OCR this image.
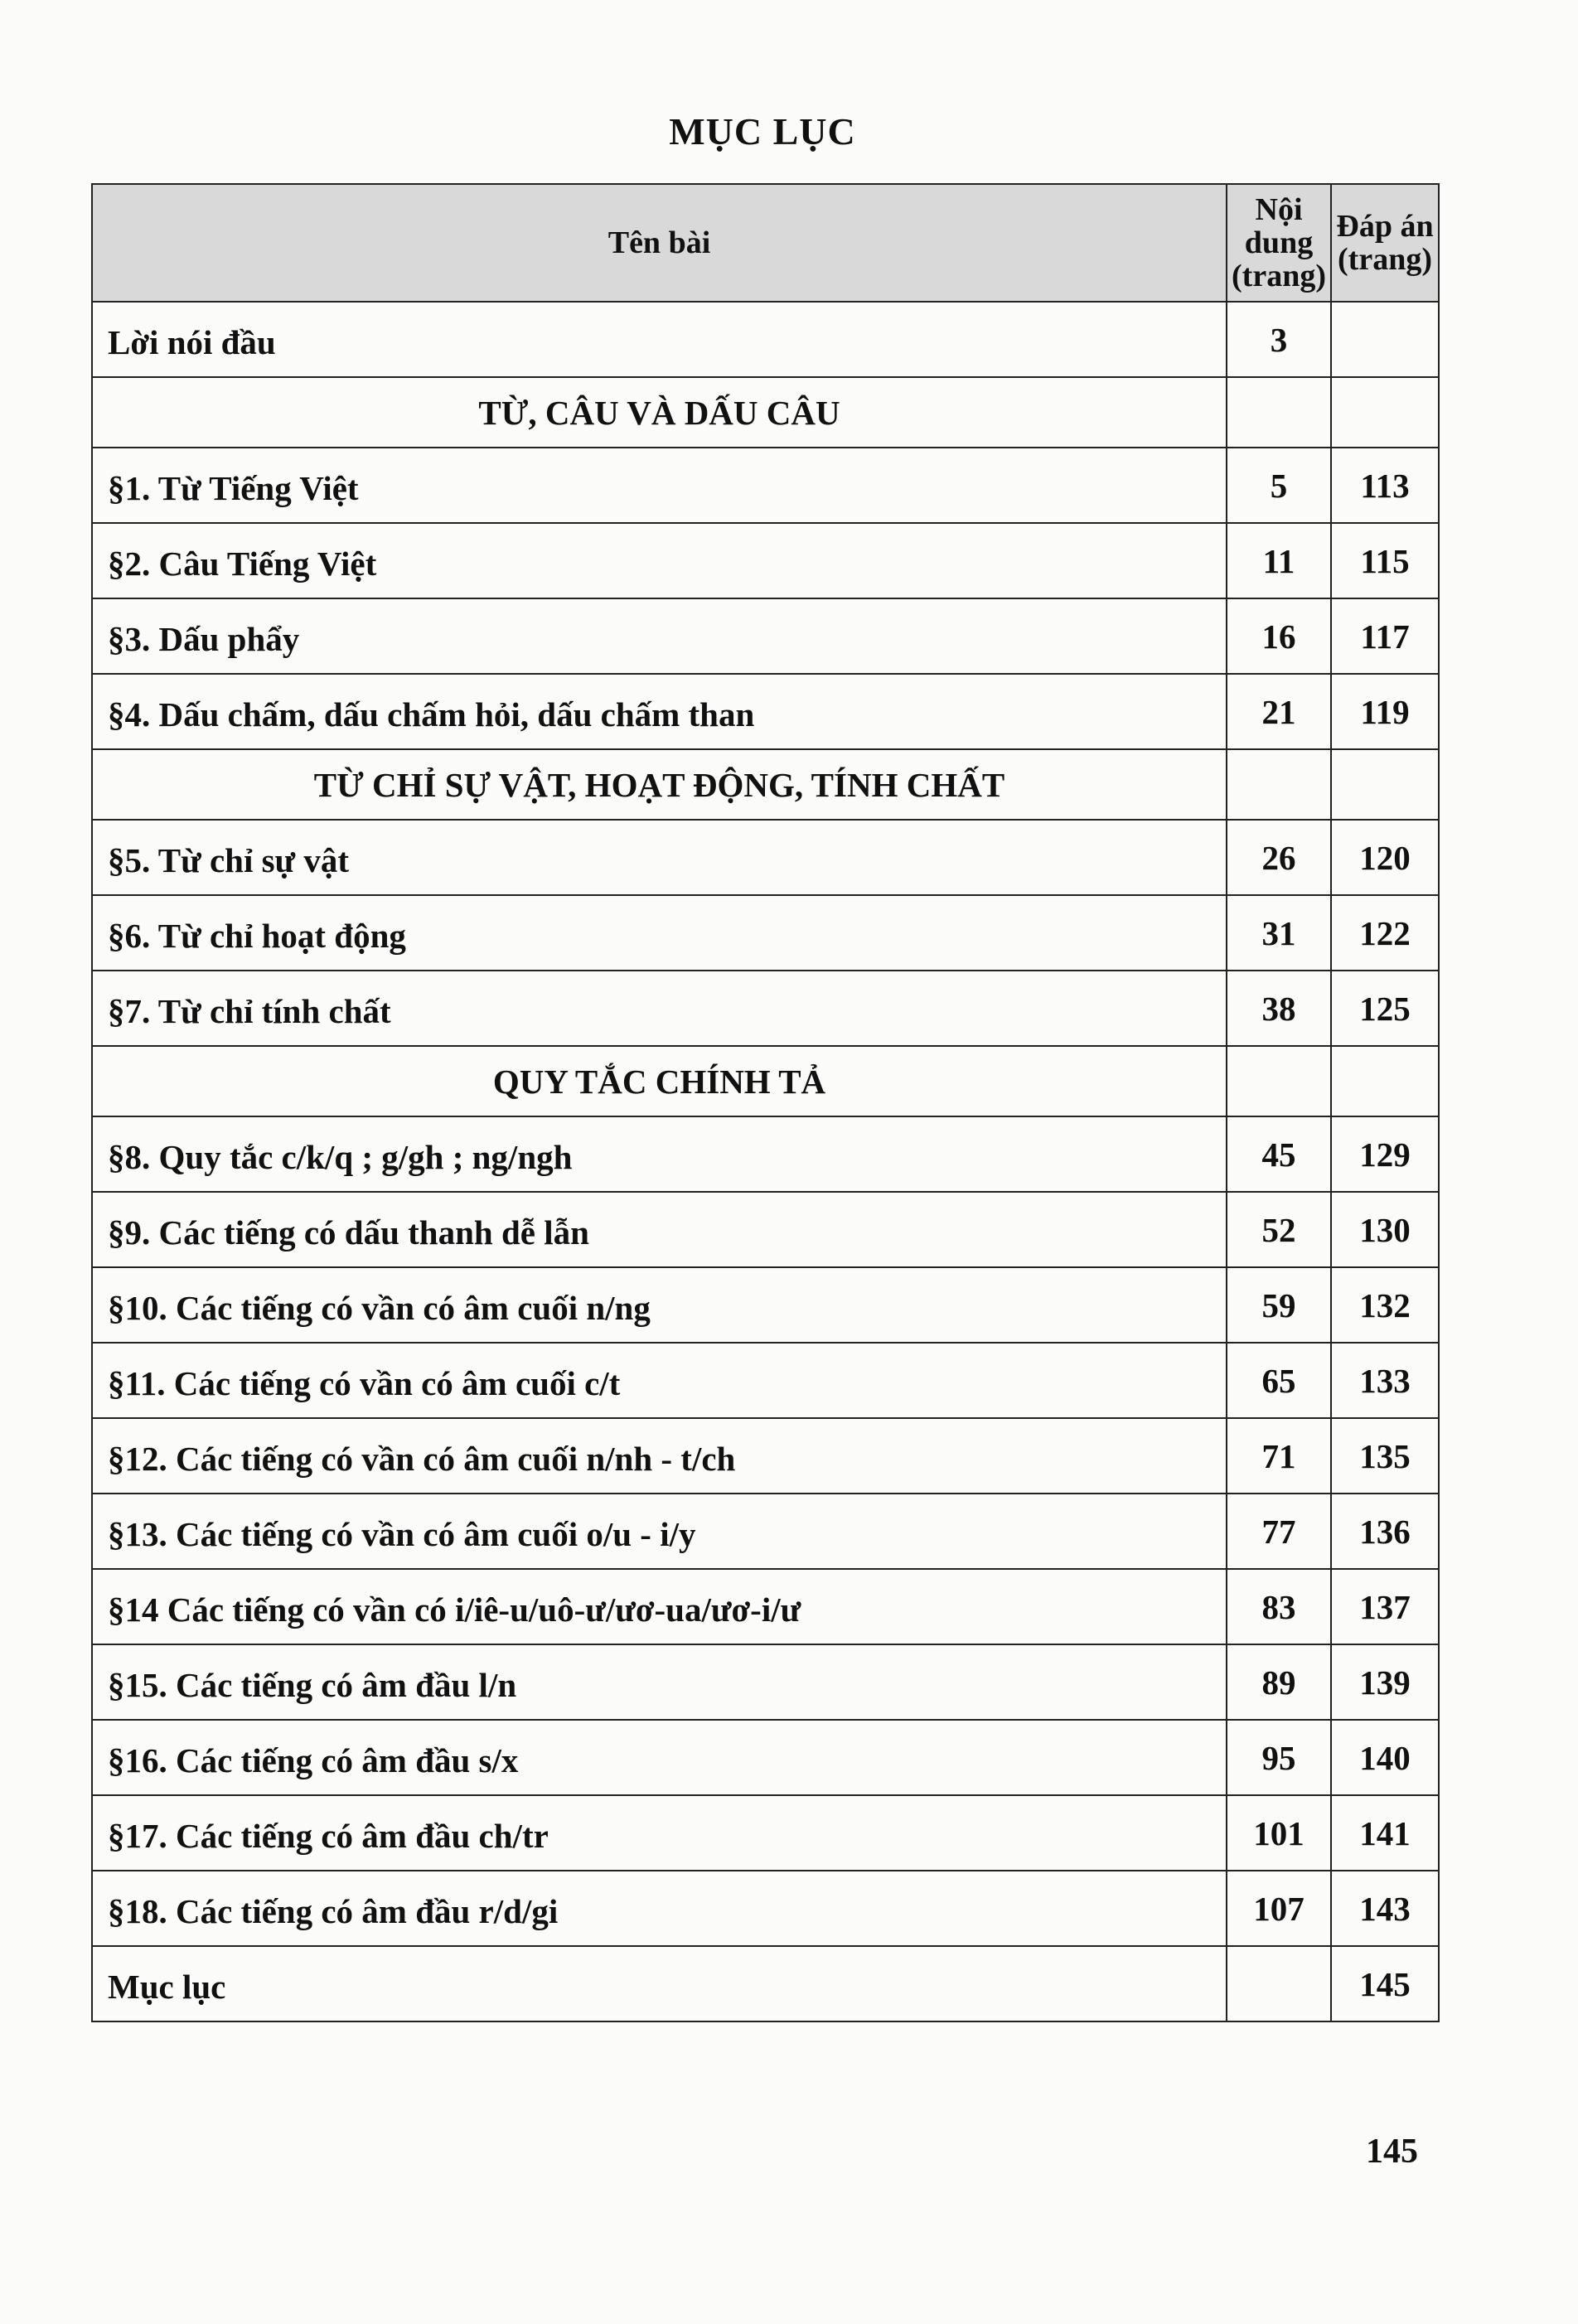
MỤC LỤC
Tên bài	Nội dung (trang)	Đáp án (trang)
Lời nói đầu	3	
TỪ, CÂU VÀ DẤU CÂU		
§1. Từ Tiếng Việt	5	113
§2. Câu Tiếng Việt	11	115
§3. Dấu phẩy	16	117
§4. Dấu chấm, dấu chấm hỏi, dấu chấm than	21	119
TỪ CHỈ SỰ VẬT, HOẠT ĐỘNG, TÍNH CHẤT		
§5. Từ chỉ sự vật	26	120
§6. Từ chỉ hoạt động	31	122
§7. Từ chỉ tính chất	38	125
QUY TẮC CHÍNH TẢ		
§8. Quy tắc c/k/q ; g/gh ; ng/ngh	45	129
§9. Các tiếng có dấu thanh dễ lẫn	52	130
§10. Các tiếng có vần có âm cuối n/ng	59	132
§11. Các tiếng có vần có âm cuối c/t	65	133
§12. Các tiếng có vần có âm cuối n/nh - t/ch	71	135
§13. Các tiếng có vần có âm cuối o/u - i/y	77	136
§14 Các tiếng có vần có i/iê-u/uô-ư/ươ-ua/ươ-i/ư	83	137
§15. Các tiếng có âm đầu l/n	89	139
§16. Các tiếng có âm đầu s/x	95	140
§17. Các tiếng có âm đầu ch/tr	101	141
§18. Các tiếng có âm đầu r/d/gi	107	143
Mục lục		145
145
